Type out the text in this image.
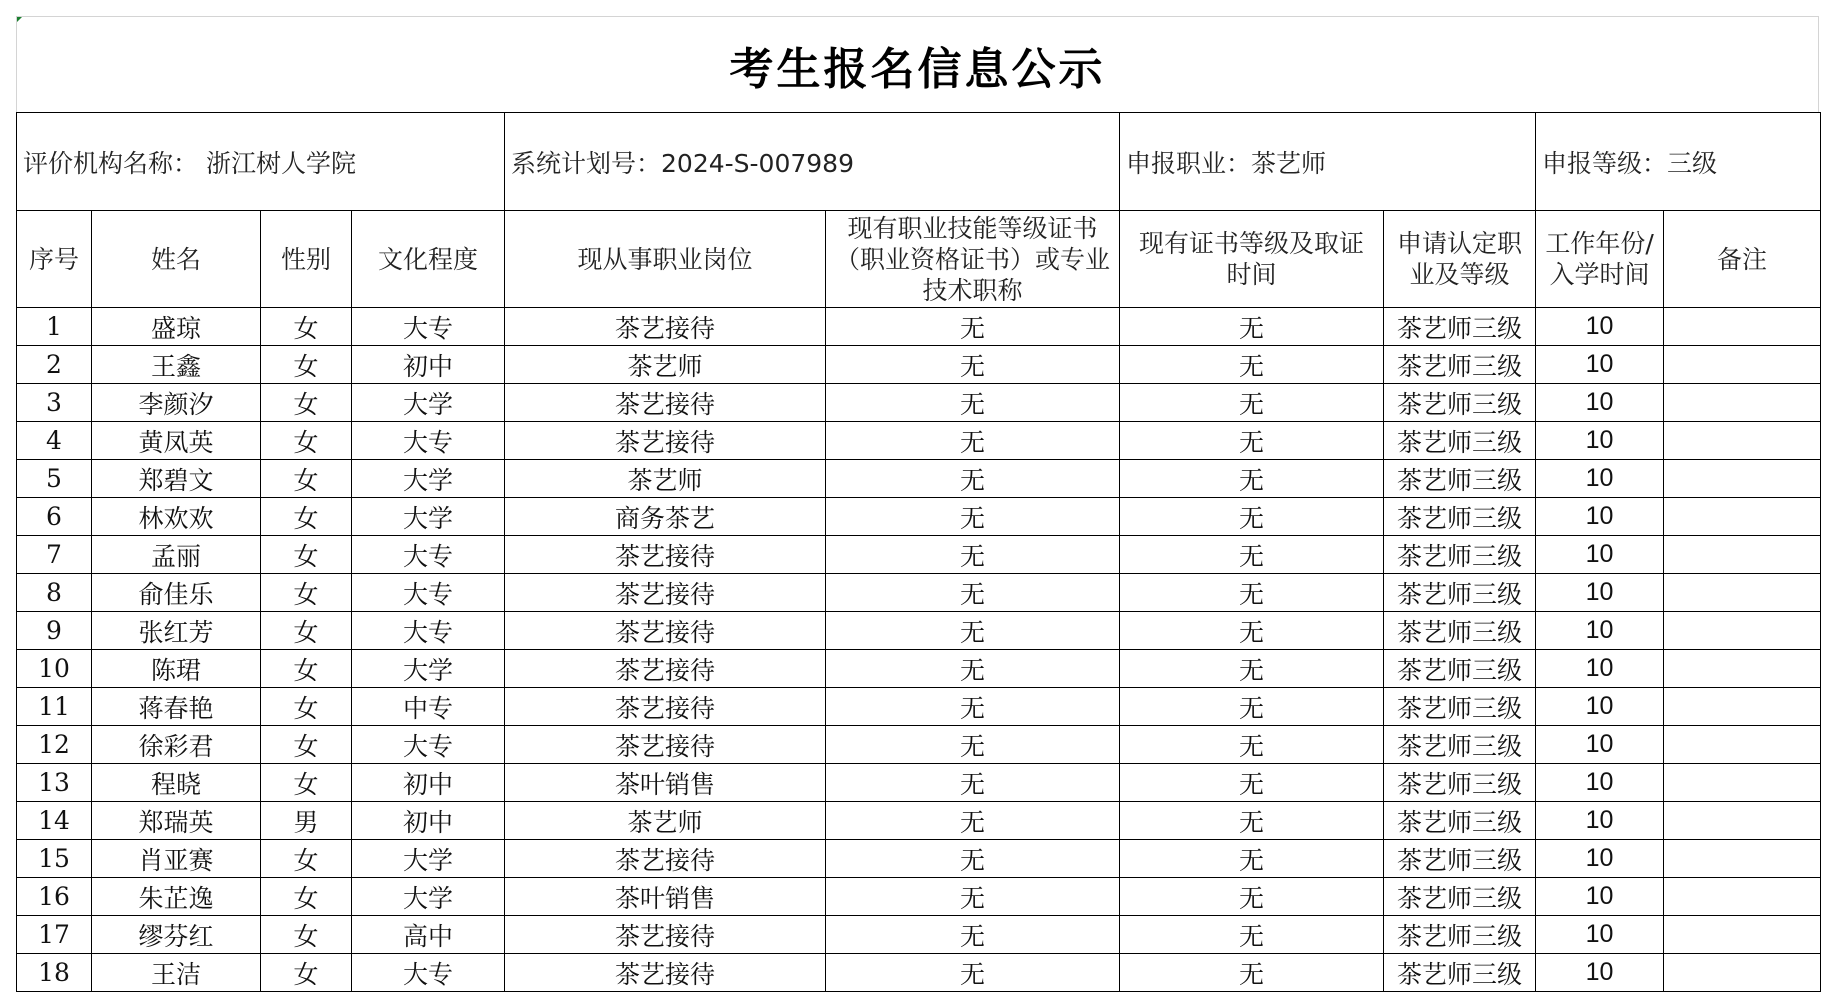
考生报名信息公示
评价机构名称： 浙江树人学院				系统计划号：2024-S-007989		申报职业：茶艺师		申报等级：三级	
序号	姓名	性别	文化程度	现从事职业岗位	现有职业技能等级证书（职业资格证书）或专业技术职称	现有证书等级及取证时间	申请认定职业及等级	工作年份/入学时间	备注
1	盛琼	女	大专	茶艺接待	无	无	茶艺师三级	10	
2	王鑫	女	初中	茶艺师	无	无	茶艺师三级	10	
3	李颜汐	女	大学	茶艺接待	无	无	茶艺师三级	10	
4	黄凤英	女	大专	茶艺接待	无	无	茶艺师三级	10	
5	郑碧文	女	大学	茶艺师	无	无	茶艺师三级	10	
6	林欢欢	女	大学	商务茶艺	无	无	茶艺师三级	10	
7	孟丽	女	大专	茶艺接待	无	无	茶艺师三级	10	
8	俞佳乐	女	大专	茶艺接待	无	无	茶艺师三级	10	
9	张红芳	女	大专	茶艺接待	无	无	茶艺师三级	10	
10	陈珺	女	大学	茶艺接待	无	无	茶艺师三级	10	
11	蒋春艳	女	中专	茶艺接待	无	无	茶艺师三级	10	
12	徐彩君	女	大专	茶艺接待	无	无	茶艺师三级	10	
13	程晓	女	初中	茶叶销售	无	无	茶艺师三级	10	
14	郑瑞英	男	初中	茶艺师	无	无	茶艺师三级	10	
15	肖亚赛	女	大学	茶艺接待	无	无	茶艺师三级	10	
16	朱芷逸	女	大学	茶叶销售	无	无	茶艺师三级	10	
17	缪芬红	女	高中	茶艺接待	无	无	茶艺师三级	10	
18	王洁	女	大专	茶艺接待	无	无	茶艺师三级	10	
